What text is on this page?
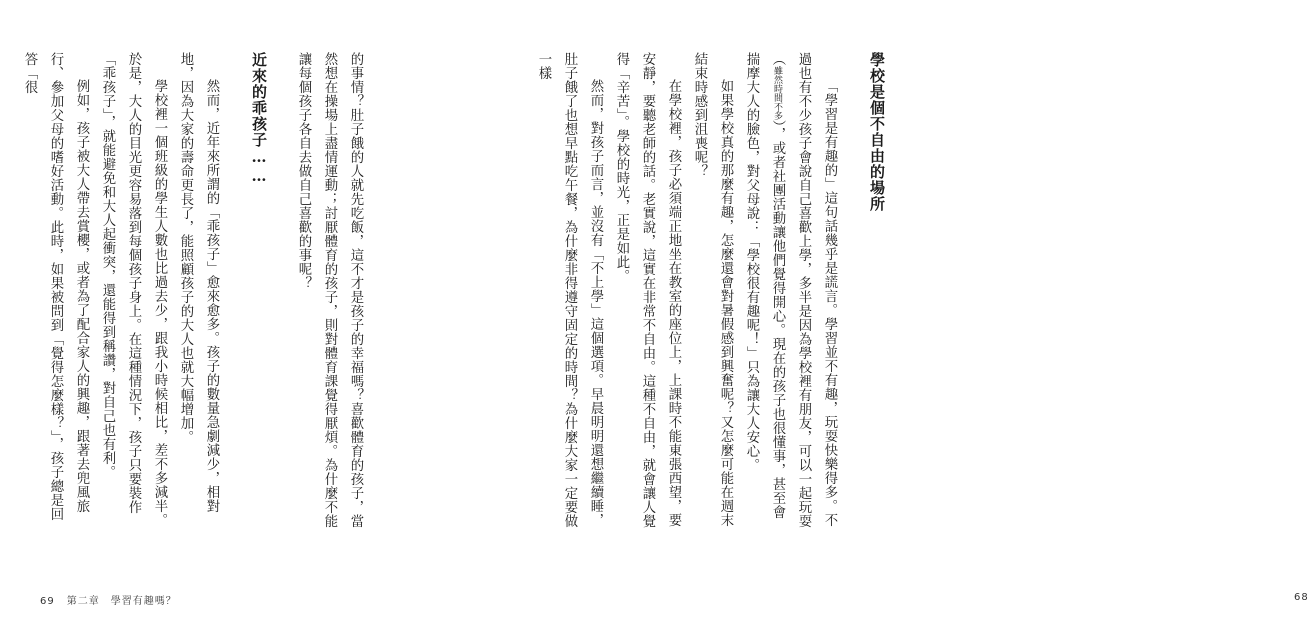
的事情？肚子餓的人就先吃飯，這不才是孩子的幸福嗎？喜歡體育的孩子，當然想在操場上盡情運動；討厭體育的孩子，則對體育課覺得厭煩。為什麼不能讓每個孩子各自去做自己喜歡的事呢？
近來的乖孩子……
然而，近年來所謂的「乖孩子」愈來愈多。孩子的數量急劇減少，相對地，因為大家的壽命更長了，能照顧孩子的大人也就大幅增加。
學校裡一個班級的學生人數也比過去少，跟我小時候相比，差不多減半。於是，大人的目光更容易落到每個孩子身上。在這種情況下，孩子只要裝作「乖孩子」，就能避免和大人起衝突，還能得到稱讚，對自己也有利。
例如，孩子被大人帶去賞櫻，或者為了配合家人的興趣，跟著去兜風旅行、參加父母的嗜好活動。此時，如果被問到「覺得怎麼樣？」，孩子總是回答「很
69 第二章　學習有趣嗎？
學校是個不自由的場所
「學習是有趣的」這句話幾乎是謊言。學習並不有趣，玩耍快樂得多。不過也有不少孩子會說自己喜歡上學，多半是因為學校裡有朋友，可以一起玩耍（雖然時間不多），或者社團活動讓他們覺得開心。現在的孩子也很懂事，甚至會揣摩大人的臉色，對父母說：「學校很有趣呢！」只為讓大人安心。
如果學校真的那麼有趣，怎麼還會對暑假感到興奮呢？又怎麼可能在週末結束時感到沮喪呢？
在學校裡，孩子必須端正地坐在教室的座位上，上課時不能東張西望，要安靜，要聽老師的話。老實說，這實在非常不自由。這種不自由，就會讓人覺得「辛苦」。學校的時光，正是如此。
然而，對孩子而言，並沒有「不上學」這個選項。早晨明明還想繼續睡，肚子餓了也想早點吃午餐，為什麼非得遵守固定的時間？為什麼大家一定要做一樣
68
